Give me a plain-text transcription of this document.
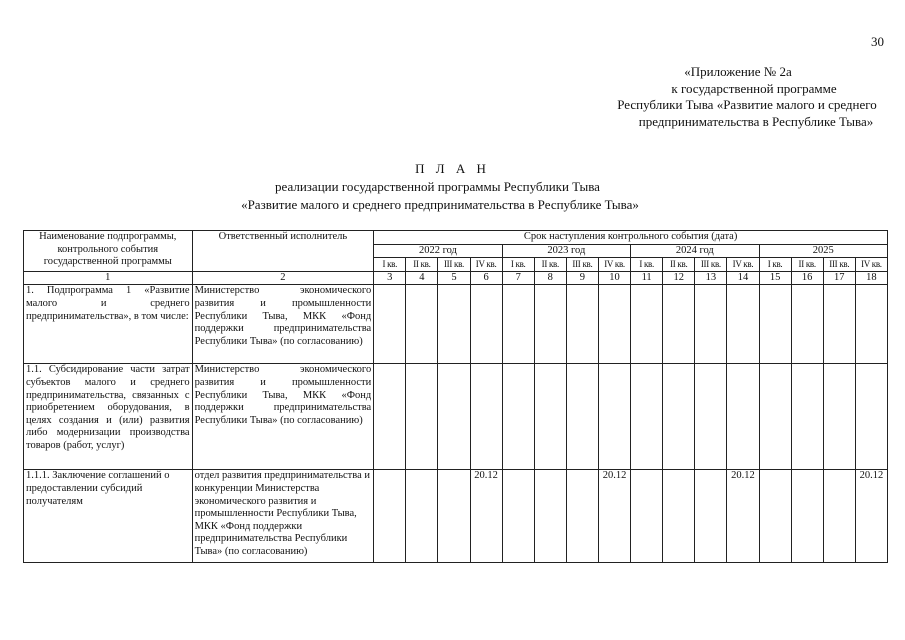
30
«Приложение № 2а
к государственной программе
Республики Тыва «Развитие малого и среднего
предпринимательства в Республике Тыва»
П Л А Н
реализации государственной программы Республики Тыва
«Развитие малого и среднего предпринимательства в Республике Тыва»
Наименование подпрограммы, контрольного события государственной программы	Ответственный исполнитель	Срок наступления контрольного события (дата)															
		2022 год				2023 год				2024 год				2025			
		I кв.	II кв.	III кв.	IV кв.	I кв.	II кв.	III кв.	IV кв.	I кв.	II кв.	III кв.	IV кв.	I кв.	II кв.	III кв.	IV кв.
1	2	3	4	5	6	7	8	9	10	11	12	13	14	15	16	17	18
1. Подпрограмма 1 «Развитие малого и среднего предпринимательства», в том числе:	Министерство экономического развития и промышленности Республики Тыва, МКК «Фонд поддержки предпринимательства Республики Тыва» (по согласованию)																
1.1. Субсидирование части затрат субъектов малого и среднего предпринимательства, связанных с приобретением оборудования, в целях создания и (или) развития либо модернизации производства товаров (работ, услуг)	Министерство экономического развития и промышленности Республики Тыва, МКК «Фонд поддержки предпринимательства Республики Тыва» (по согласованию)																
1.1.1. Заключение соглашений о предоставлении субсидий получателям	отдел развития предпринимательства и конкуренции Министерства экономического развития и промышленности Республики Тыва, МКК «Фонд поддержки предпринимательства Республики Тыва» (по согласованию)				20.12				20.12				20.12				20.12
